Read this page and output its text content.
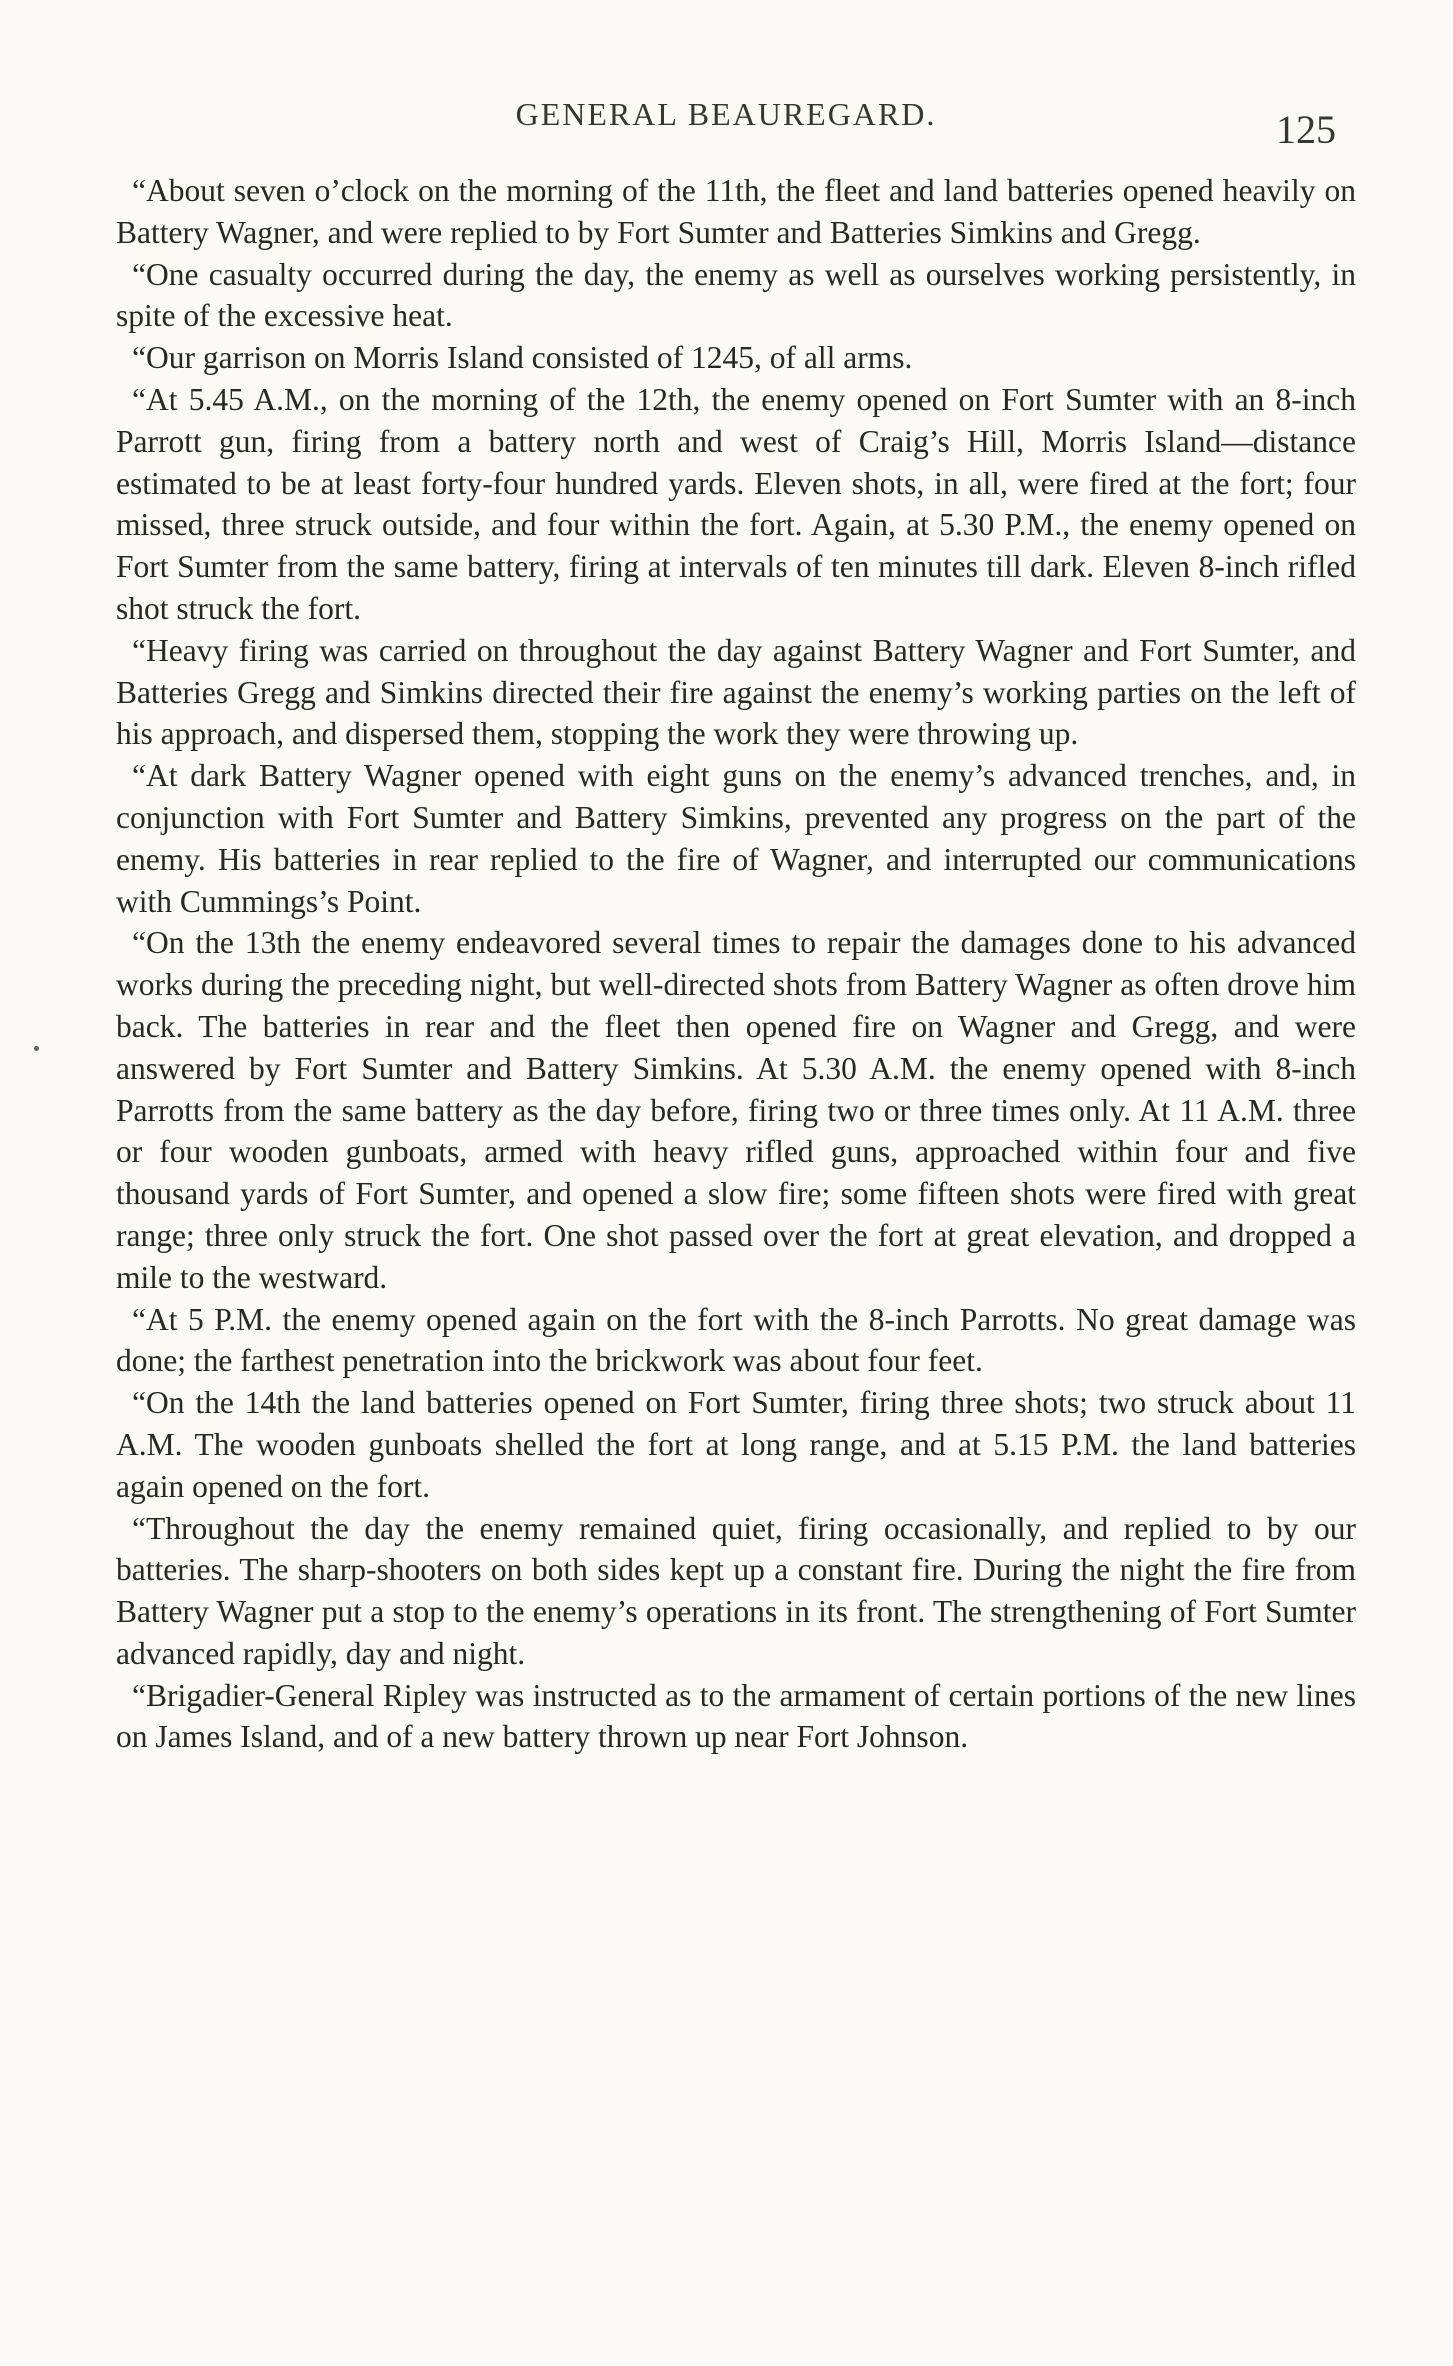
GENERAL BEAUREGARD.	125

“About seven o’clock on the morning of the 11th, the fleet and land batteries opened heavily on Battery Wagner, and were replied to by Fort Sumter and Batteries Simkins and Gregg.

“One casualty occurred during the day, the enemy as well as ourselves working persistently, in spite of the excessive heat.

“Our garrison on Morris Island consisted of 1245, of all arms.

“At 5.45 A.M., on the morning of the 12th, the enemy opened on Fort Sumter with an 8-inch Parrott gun, firing from a battery north and west of Craig’s Hill, Morris Island—distance estimated to be at least forty-four hundred yards. Eleven shots, in all, were fired at the fort; four missed, three struck outside, and four within the fort. Again, at 5.30 P.M., the enemy opened on Fort Sumter from the same battery, firing at intervals of ten minutes till dark. Eleven 8-inch rifled shot struck the fort.

“Heavy firing was carried on throughout the day against Battery Wagner and Fort Sumter, and Batteries Gregg and Simkins directed their fire against the enemy’s working parties on the left of his approach, and dispersed them, stopping the work they were throwing up.

“At dark Battery Wagner opened with eight guns on the enemy’s advanced trenches, and, in conjunction with Fort Sumter and Battery Simkins, prevented any progress on the part of the enemy. His batteries in rear replied to the fire of Wagner, and interrupted our communications with Cummings’s Point.

“On the 13th the enemy endeavored several times to repair the damages done to his advanced works during the preceding night, but well-directed shots from Battery Wagner as often drove him back. The batteries in rear and the fleet then opened fire on Wagner and Gregg, and were answered by Fort Sumter and Battery Simkins. At 5.30 A.M. the enemy opened with 8-inch Parrotts from the same battery as the day before, firing two or three times only. At 11 A.M. three or four wooden gunboats, armed with heavy rifled guns, approached within four and five thousand yards of Fort Sumter, and opened a slow fire; some fifteen shots were fired with great range; three only struck the fort. One shot passed over the fort at great elevation, and dropped a mile to the westward.

“At 5 P.M. the enemy opened again on the fort with the 8-inch Parrotts. No great damage was done; the farthest penetration into the brickwork was about four feet.

“On the 14th the land batteries opened on Fort Sumter, firing three shots; two struck about 11 A.M. The wooden gunboats shelled the fort at long range, and at 5.15 P.M. the land batteries again opened on the fort.

“Throughout the day the enemy remained quiet, firing occasionally, and replied to by our batteries. The sharp-shooters on both sides kept up a constant fire. During the night the fire from Battery Wagner put a stop to the enemy’s operations in its front. The strengthening of Fort Sumter advanced rapidly, day and night.

“Brigadier-General Ripley was instructed as to the armament of certain portions of the new lines on James Island, and of a new battery thrown up near Fort Johnson.
